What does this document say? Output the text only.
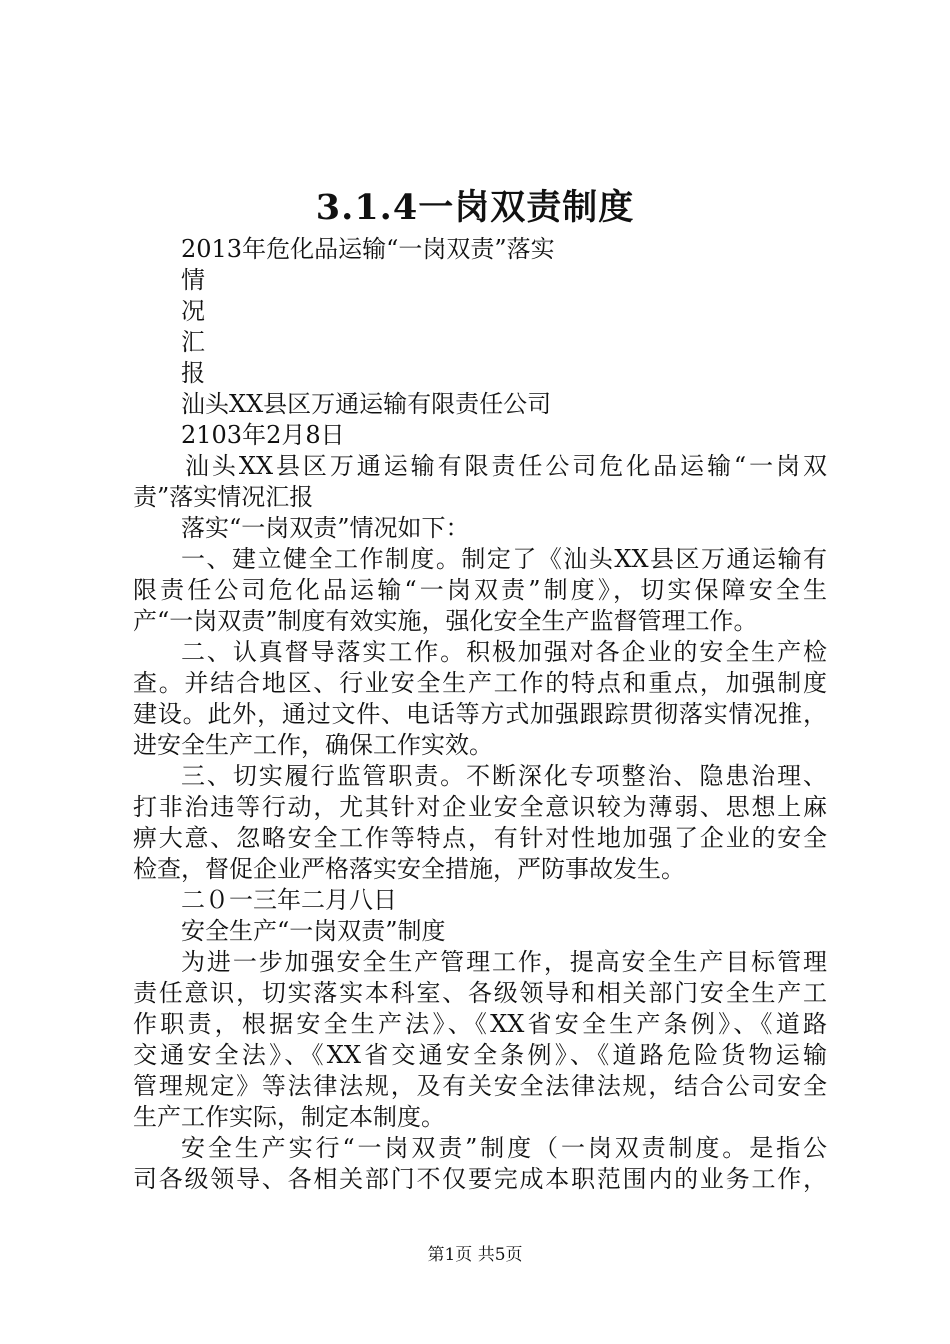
3.1.4一岗双责制度
2013年危化品运输“一岗双责”落实
情
况
汇
报
汕头XX县区万通运输有限责任公司
2103年2月8日
汕头XX县区万通运输有限责任公司危化品运输“一岗双
责”落实情况汇报
落实“一岗双责”情况如下：
一、建立健全工作制度。制定了《汕头XX县区万通运输有
限责任公司危化品运输“一岗双责”制度》，切实保障安全生
产“一岗双责”制度有效实施，强化安全生产监督管理工作。
二、认真督导落实工作。积极加强对各企业的安全生产检
查。并结合地区、行业安全生产工作的特点和重点，加强制度
建设。此外，通过文件、电话等方式加强跟踪贯彻落实情况推，
进安全生产工作，确保工作实效。
三、切实履行监管职责。不断深化专项整治、隐患治理、
打非治违等行动，尤其针对企业安全意识较为薄弱、思想上麻
痹大意、忽略安全工作等特点，有针对性地加强了企业的安全
检查，督促企业严格落实安全措施，严防事故发生。
二０一三年二月八日
安全生产“一岗双责”制度
为进一步加强安全生产管理工作，提高安全生产目标管理
责任意识，切实落实本科室、各级领导和相关部门安全生产工
作职责，根据安全生产法》、《XX省安全生产条例》、《道路
交通安全法》、《XX省交通安全条例》、《道路危险货物运输
管理规定》等法律法规，及有关安全法律法规，结合公司安全
生产工作实际，制定本制度。
安全生产实行“一岗双责”制度（一岗双责制度。是指公
司各级领导、各相关部门不仅要完成本职范围内的业务工作，
第1页 共5页
